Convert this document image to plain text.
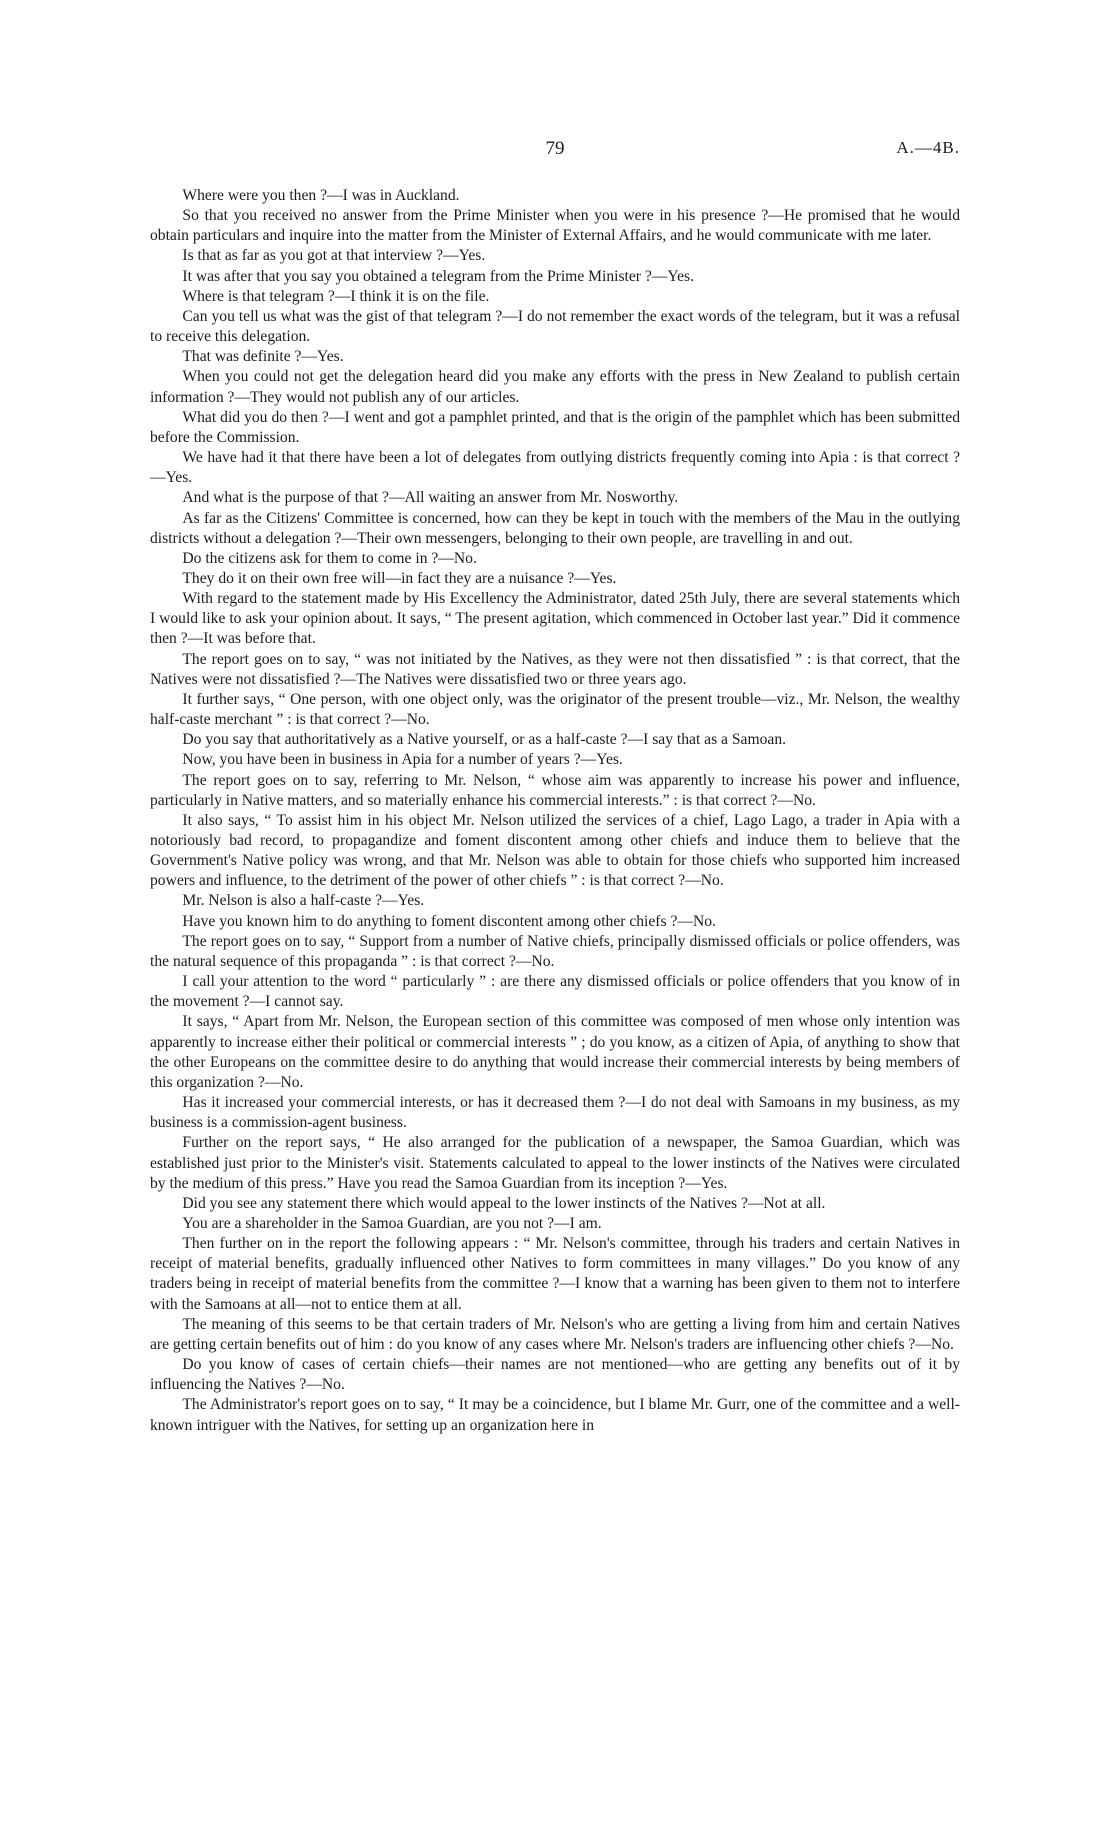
79	A.—4B.

Where were you then ?—I was in Auckland.

So that you received no answer from the Prime Minister when you were in his presence ?—He promised that he would obtain particulars and inquire into the matter from the Minister of External Affairs, and he would communicate with me later.

Is that as far as you got at that interview ?—Yes.

It was after that you say you obtained a telegram from the Prime Minister ?—Yes.

Where is that telegram ?—I think it is on the file.

Can you tell us what was the gist of that telegram ?—I do not remember the exact words of the telegram, but it was a refusal to receive this delegation.

That was definite ?—Yes.

When you could not get the delegation heard did you make any efforts with the press in New Zealand to publish certain information ?—They would not publish any of our articles.

What did you do then ?—I went and got a pamphlet printed, and that is the origin of the pamphlet which has been submitted before the Commission.

We have had it that there have been a lot of delegates from outlying districts frequently coming into Apia : is that correct ?—Yes.

And what is the purpose of that ?—All waiting an answer from Mr. Nosworthy.

As far as the Citizens' Committee is concerned, how can they be kept in touch with the members of the Mau in the outlying districts without a delegation ?—Their own messengers, belonging to their own people, are travelling in and out.

Do the citizens ask for them to come in ?—No.

They do it on their own free will—in fact they are a nuisance ?—Yes.

With regard to the statement made by His Excellency the Administrator, dated 25th July, there are several statements which I would like to ask your opinion about. It says, “ The present agitation, which commenced in October last year.” Did it commence then ?—It was before that.

The report goes on to say, “ was not initiated by the Natives, as they were not then dissatisfied ” : is that correct, that the Natives were not dissatisfied ?—The Natives were dissatisfied two or three years ago.

It further says, “ One person, with one object only, was the originator of the present trouble—viz., Mr. Nelson, the wealthy half-caste merchant ” : is that correct ?—No.

Do you say that authoritatively as a Native yourself, or as a half-caste ?—I say that as a Samoan.

Now, you have been in business in Apia for a number of years ?—Yes.

The report goes on to say, referring to Mr. Nelson, “ whose aim was apparently to increase his power and influence, particularly in Native matters, and so materially enhance his commercial interests.” : is that correct ?—No.

It also says, “ To assist him in his object Mr. Nelson utilized the services of a chief, Lago Lago, a trader in Apia with a notoriously bad record, to propagandize and foment discontent among other chiefs and induce them to believe that the Government's Native policy was wrong, and that Mr. Nelson was able to obtain for those chiefs who supported him increased powers and influence, to the detriment of the power of other chiefs ” : is that correct ?—No.

Mr. Nelson is also a half-caste ?—Yes.

Have you known him to do anything to foment discontent among other chiefs ?—No.

The report goes on to say, “ Support from a number of Native chiefs, principally dismissed officials or police offenders, was the natural sequence of this propaganda ” : is that correct ?—No.

I call your attention to the word “ particularly ” : are there any dismissed officials or police offenders that you know of in the movement ?—I cannot say.

It says, “ Apart from Mr. Nelson, the European section of this committee was composed of men whose only intention was apparently to increase either their political or commercial interests ” ; do you know, as a citizen of Apia, of anything to show that the other Europeans on the committee desire to do anything that would increase their commercial interests by being members of this organization ?—No.

Has it increased your commercial interests, or has it decreased them ?—I do not deal with Samoans in my business, as my business is a commission-agent business.

Further on the report says, “ He also arranged for the publication of a newspaper, the Samoa Guardian, which was established just prior to the Minister's visit. Statements calculated to appeal to the lower instincts of the Natives were circulated by the medium of this press.” Have you read the Samoa Guardian from its inception ?—Yes.

Did you see any statement there which would appeal to the lower instincts of the Natives ?—Not at all.

You are a shareholder in the Samoa Guardian, are you not ?—I am.

Then further on in the report the following appears : “ Mr. Nelson's committee, through his traders and certain Natives in receipt of material benefits, gradually influenced other Natives to form committees in many villages.” Do you know of any traders being in receipt of material benefits from the committee ?—I know that a warning has been given to them not to interfere with the Samoans at all—not to entice them at all.

The meaning of this seems to be that certain traders of Mr. Nelson's who are getting a living from him and certain Natives are getting certain benefits out of him : do you know of any cases where Mr. Nelson's traders are influencing other chiefs ?—No.

Do you know of cases of certain chiefs—their names are not mentioned—who are getting any benefits out of it by influencing the Natives ?—No.

The Administrator's report goes on to say, “ It may be a coincidence, but I blame Mr. Gurr, one of the committee and a well-known intriguer with the Natives, for setting up an organization here in
